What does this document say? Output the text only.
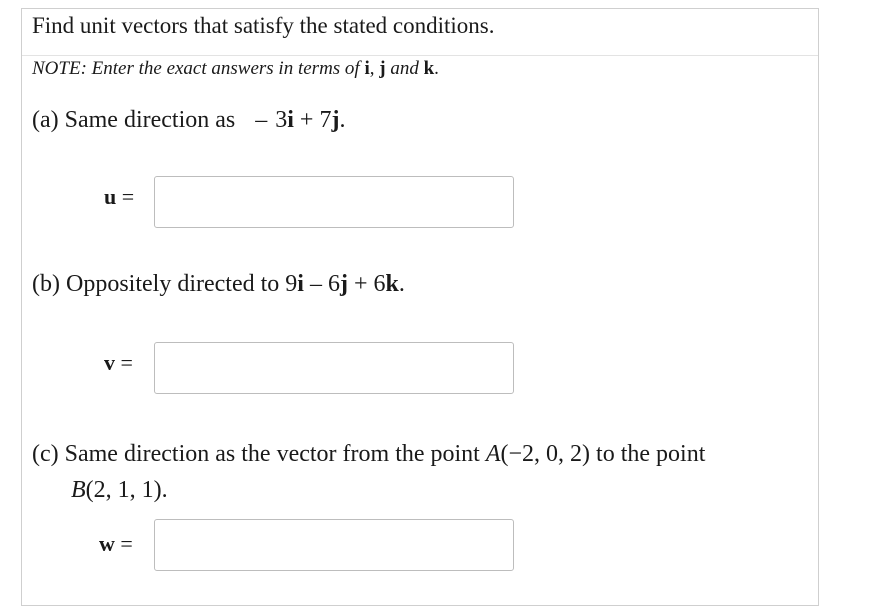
Find unit vectors that satisfy the stated conditions.
NOTE: Enter the exact answers in terms of i, j and k.
(a) Same direction as – 3i + 7j.
u =
(b) Oppositely directed to 9i – 6j + 6k.
v =
(c) Same direction as the vector from the point A(−2, 0, 2) to the point
B(2, 1, 1).
w =
